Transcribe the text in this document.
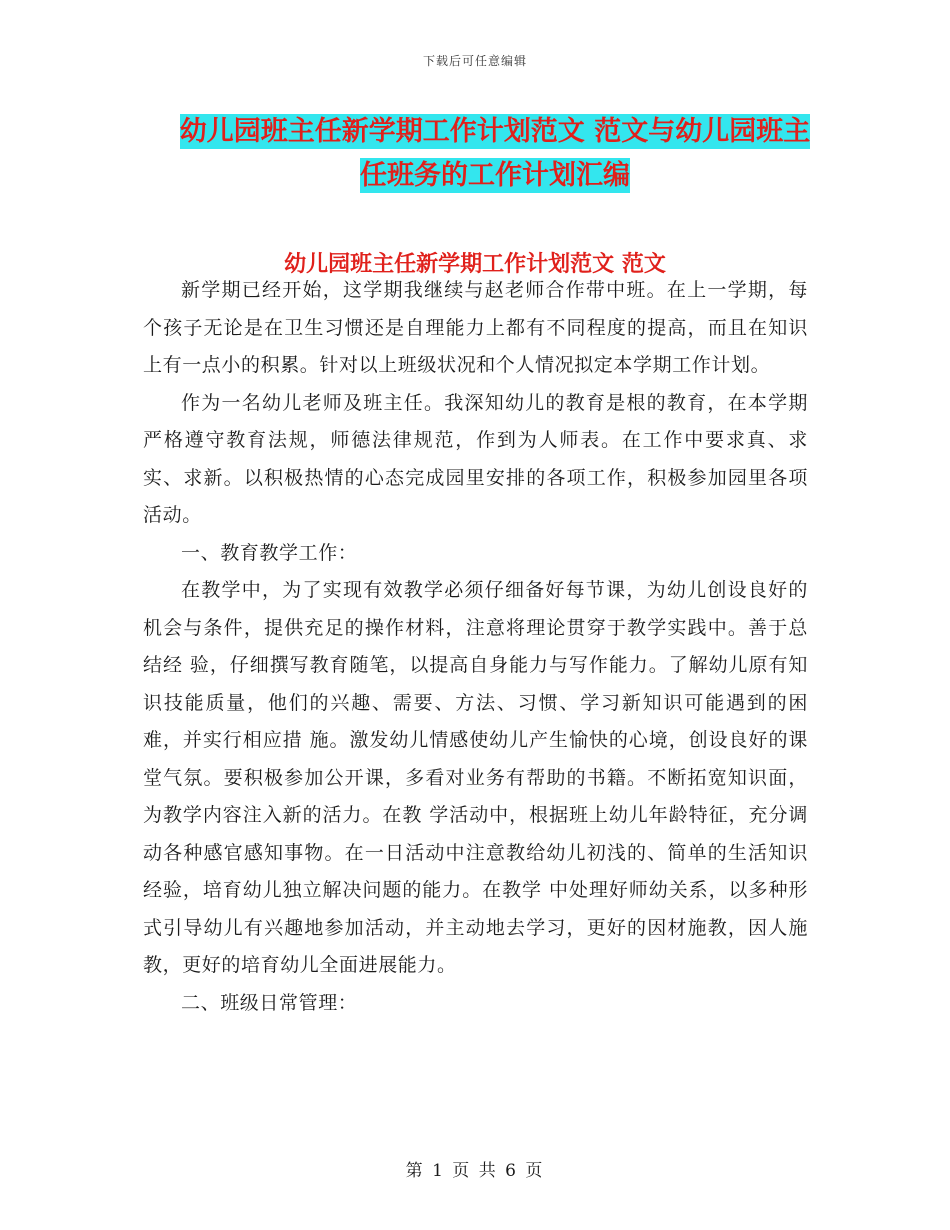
下载后可任意编辑
幼儿园班主任新学期工作计划范文 范文与幼儿园班主
任班务的工作计划汇编
幼儿园班主任新学期工作计划范文 范文

新学期已经开始，这学期我继续与赵老师合作带中班。在上一学期，每个孩子无论是在卫生习惯还是自理能力上都有不同程度的提高，而且在知识上有一点小的积累。针对以上班级状况和个人情况拟定本学期工作计划。

作为一名幼儿老师及班主任。我深知幼儿的教育是根的教育，在本学期严格遵守教育法规，师德法律规范，作到为人师表。在工作中要求真、求实、求新。以积极热情的心态完成园里安排的各项工作，积极参加园里各项活动。

一、教育教学工作：

在教学中，为了实现有效教学必须仔细备好每节课，为幼儿创设良好的机会与条件，提供充足的操作材料，注意将理论贯穿于教学实践中。善于总结经 验，仔细撰写教育随笔，以提高自身能力与写作能力。了解幼儿原有知识技能质量，他们的兴趣、需要、方法、习惯、学习新知识可能遇到的困难，并实行相应措 施。激发幼儿情感使幼儿产生愉快的心境，创设良好的课堂气氛。要积极参加公开课，多看对业务有帮助的书籍。不断拓宽知识面，为教学内容注入新的活力。在教 学活动中，根据班上幼儿年龄特征，充分调动各种感官感知事物。在一日活动中注意教给幼儿初浅的、简单的生活知识经验，培育幼儿独立解决问题的能力。在教学 中处理好师幼关系，以多种形式引导幼儿有兴趣地参加活动，并主动地去学习，更好的因材施教，因人施教，更好的培育幼儿全面进展能力。

二、班级日常管理：

第 1 页 共 6 页
